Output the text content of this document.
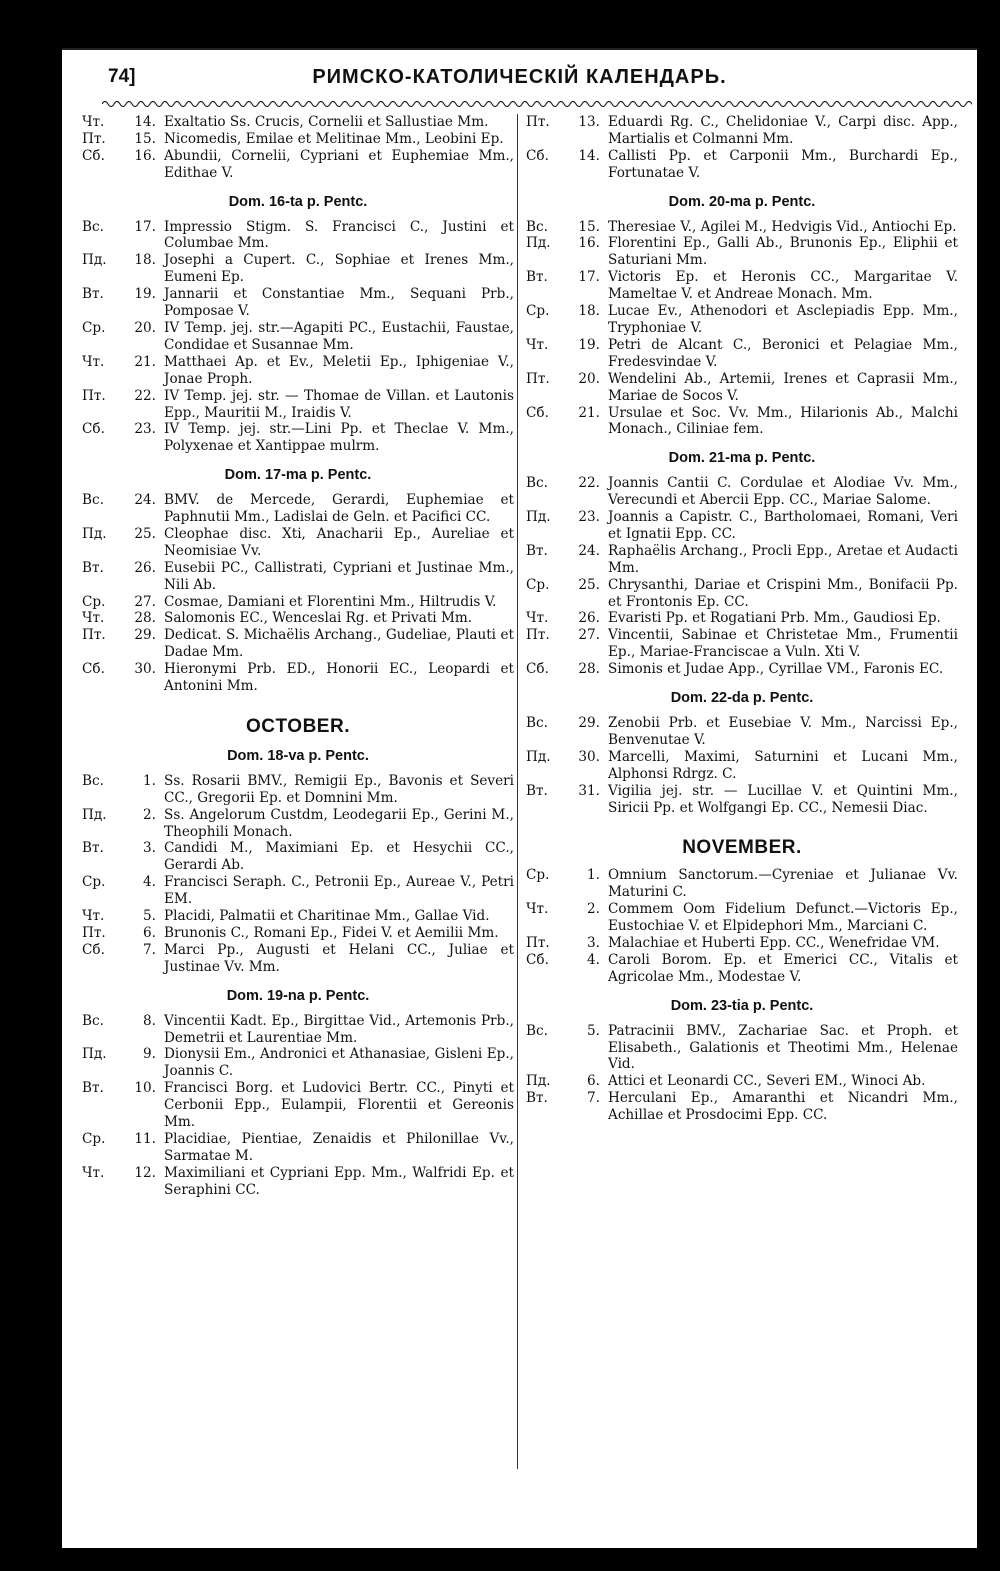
РИМСКО-КАТОЛИЧЕСКІЙ КАЛЕНДАРЬ.
74]
Чт.	14. Exaltatio Ss. Crucis, Cornelii et Sallustiae Mm.
Пт.	15. Nicomedis, Emilae et Melitinae Mm., Leobini Ep.
Сб.	16. Abundii, Cornelii, Cypriani et Euphemiae Mm., Edithae V.
Dom. 16-ta p. Pentc.
Вс.	17. Impressio Stigm. S. Francisci C., Justini et Columbae Mm.
Пд.	18. Josephi a Cupert. C., Sophiae et Irenes Mm., Eumeni Ep.
Вт.	19. Jannarii et Constantiae Mm., Sequani Prb., Pomposae V.
Ср.	20. IV Temp. jej. str.—Agapiti PC., Eustachii, Faustae, Condidae et Susannae Mm.
Чт.	21. Matthaei Ap. et Ev., Meletii Ep., Iphigeniae V., Jonae Proph.
Пт.	22. IV Temp. jej. str. — Thomae de Villan. et Lautonis Epp., Mauritii M., Iraidis V.
Сб.	23. IV Temp. jej. str.—Lini Pp. et Theclae V. Mm., Polyxenae et Xantippae mulrm.
Dom. 17-ma p. Pentc.
Вс.	24. BMV. de Mercede, Gerardi, Euphemiae et Paphnutii Mm., Ladislai de Geln. et Pacifici CC.
Пд.	25. Cleophae disc. Xti, Anacharii Ep., Aureliae et Neomisiae Vv.
Вт.	26. Eusebii PC., Callistrati, Cypriani et Justinae Mm., Nili Ab.
Ср.	27. Cosmae, Damiani et Florentini Mm., Hiltrudis V.
Чт.	28. Salomonis EC., Wenceslai Rg. et Privati Mm.
Пт.	29. Dedicat. S. Michaëlis Archang., Gudeliae, Plauti et Dadae Mm.
Сб.	30. Hieronymi Prb. ED., Honorii EC., Leopardi et Antonini Mm.
OCTOBER.
Dom. 18-va p. Pentc.
Вс.	1. Ss. Rosarii BMV., Remigii Ep., Bavonis et Severi CC., Gregorii Ep. et Domnini Mm.
Пд.	2. Ss. Angelorum Custdm, Leodegarii Ep., Gerini M., Theophili Monach.
Вт.	3. Candidi M., Maximiani Ep. et Hesychii CC., Gerardi Ab.
Ср.	4. Francisci Seraph. C., Petronii Ep., Aureae V., Petri EM.
Чт.	5. Placidi, Palmatii et Charitinae Mm., Gallae Vid.
Пт.	6. Brunonis C., Romani Ep., Fidei V. et Aemilii Mm.
Сб.	7. Marci Pp., Augusti et Helani CC., Juliae et Justinae Vv. Mm.
Dom. 19-na p. Pentc.
Вс.	8. Vincentii Kadt. Ep., Birgittae Vid., Artemonis Prb., Demetrii et Laurentiae Mm.
Пд.	9. Dionysii Em., Andronici et Athanasiae, Gisleni Ep., Joannis C.
Вт.	10. Francisci Borg. et Ludovici Bertr. CC., Pinyti et Cerbonii Epp., Eulampii, Florentii et Gereonis Mm.
Ср.	11. Placidiae, Pientiae, Zenaidis et Philonillae Vv., Sarmatae M.
Чт.	12. Maximiliani et Cypriani Epp. Mm., Walfridi Ep. et Seraphini CC.
Пт.	13. Eduardi Rg. C., Chelidoniae V., Carpi disc. App., Martialis et Colmanni Mm.
Сб.	14. Callisti Pp. et Carponii Mm., Burchardi Ep., Fortunatae V.
Dom. 20-ma p. Pentc.
Вс.	15. Theresiae V., Agilei M., Hedvigis Vid., Antiochi Ep.
Пд.	16. Florentini Ep., Galli Ab., Brunonis Ep., Eliphii et Saturiani Mm.
Вт.	17. Victoris Ep. et Heronis CC., Margaritae V. Mameltae V. et Andreae Monach. Mm.
Ср.	18. Lucae Ev., Athenodori et Asclepiadis Epp. Mm., Tryphoniae V.
Чт.	19. Petri de Alcant C., Beronici et Pelagiae Mm., Fredesvindae V.
Пт.	20. Wendelini Ab., Artemii, Irenes et Caprasii Mm., Mariae de Socos V.
Сб.	21. Ursulae et Soc. Vv. Mm., Hilarionis Ab., Malchi Monach., Ciliniae fem.
Dom. 21-ma p. Pentc.
Вс.	22. Joannis Cantii C. Cordulae et Alodiae Vv. Mm., Verecundi et Abercii Epp. CC., Mariae Salome.
Пд.	23. Joannis a Capistr. C., Bartholomaei, Romani, Veri et Ignatii Epp. CC.
Вт.	24. Raphaëlis Archang., Procli Epp., Aretae et Audacti Mm.
Ср.	25. Chrysanthi, Dariae et Crispini Mm., Bonifacii Pp. et Frontonis Ep. CC.
Чт.	26. Evaristi Pp. et Rogatiani Prb. Mm., Gaudiosi Ep.
Пт.	27. Vincentii, Sabinae et Christetae Mm., Frumentii Ep., Mariae-Franciscae a Vuln. Xti V.
Сб.	28. Simonis et Judae App., Cyrillae VM., Faronis EC.
Dom. 22-da p. Pentc.
Вс.	29. Zenobii Prb. et Eusebiae V. Mm., Narcissi Ep., Benvenutae V.
Пд.	30. Marcelli, Maximi, Saturnini et Lucani Mm., Alphonsi Rdrgz. C.
Вт.	31. Vigilia jej. str. — Lucillae V. et Quintini Mm., Siricii Pp. et Wolfgangi Ep. CC., Nemesii Diac.
NOVEMBER.
Ср.	1. Omnium Sanctorum.—Cyreniae et Julianae Vv. Maturini C.
Чт.	2. Commem Oom Fidelium Defunct.—Victoris Ep., Eustochiae V. et Elpidephori Mm., Marciani C.
Пт.	3. Malachiae et Huberti Epp. CC., Wenefridae VM.
Сб.	4. Caroli Borom. Ep. et Emerici CC., Vitalis et Agricolae Mm., Modestae V.
Dom. 23-tia p. Pentc.
Вс.	5. Patracinii BMV., Zachariae Sac. et Proph. et Elisabeth., Galationis et Theotimi Mm., Helenae Vid.
Пд.	6. Attici et Leonardi CC., Severi EM., Winoci Ab.
Вт.	7. Herculani Ep., Amaranthi et Nicandri Mm., Achillae et Prosdocimi Epp. CC.
